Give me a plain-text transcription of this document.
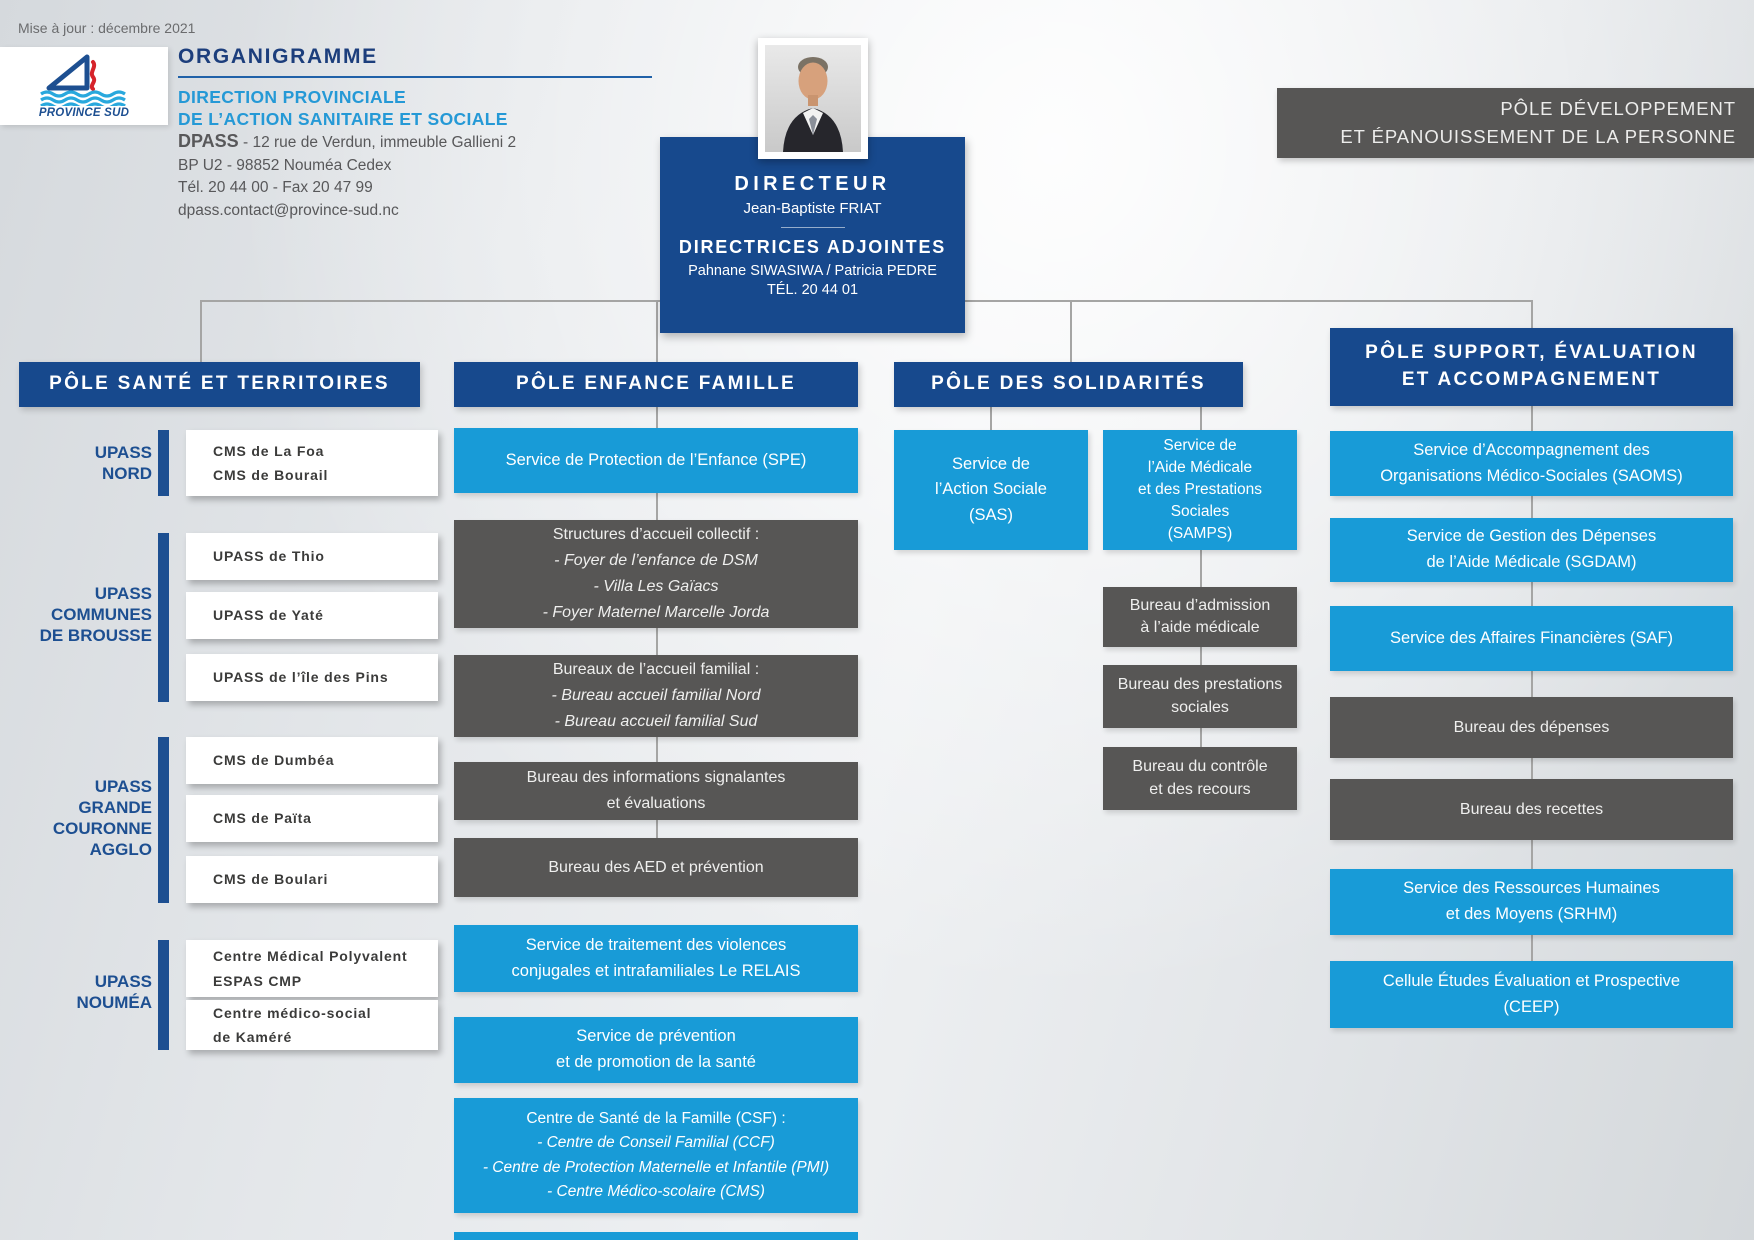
Mise à jour : décembre 2021
PROVINCE SUD
ORGANIGRAMME
DIRECTION PROVINCIALE
DE L’ACTION SANITAIRE ET SOCIALE
DPASS - 12 rue de Verdun, immeuble Gallieni 2
BP U2 - 98852 Nouméa Cedex
Tél. 20 44 00 - Fax 20 47 99
dpass.contact@province-sud.nc
PÔLE DÉVELOPPEMENT
ET ÉPANOUISSEMENT DE LA PERSONNE
DIRECTEUR
Jean-Baptiste FRIAT
DIRECTRICES ADJOINTES
Pahnane SIWASIWA / Patricia PEDRE
TÉL. 20 44 01
PÔLE SANTÉ ET TERRITOIRES	PÔLE ENFANCE FAMILLE	PÔLE DES SOLIDARITÉS
PÔLE SUPPORT, ÉVALUATION
ET ACCOMPAGNEMENT
UPASS
NORD
CMS de La Foa
CMS de Bourail
UPASS
COMMUNES
DE BROUSSE
UPASS de Thio
UPASS de Yaté
UPASS de l’île des Pins
UPASS
GRANDE
COURONNE
AGGLO
CMS de Dumbéa
CMS de Païta
CMS de Boulari
UPASS
NOUMÉA
Centre Médical Polyvalent
ESPAS CMP
Centre médico-social
de Kaméré
Service de Protection de l’Enfance (SPE)
Structures d’accueil collectif :
- Foyer de l’enfance de DSM
- Villa Les Gaïacs
- Foyer Maternel Marcelle Jorda
Bureaux de l’accueil familial :
- Bureau accueil familial Nord
- Bureau accueil familial Sud
Bureau des informations signalantes
et évaluations
Bureau des AED et prévention
Service de traitement des violences
conjugales et intrafamiliales Le RELAIS
Service de prévention
et de promotion de la santé
Centre de Santé de la Famille (CSF) :
- Centre de Conseil Familial (CCF)
- Centre de Protection Maternelle et Infantile (PMI)
- Centre Médico-scolaire (CMS)
Service de
l’Action Sociale
(SAS)
Service de
l’Aide Médicale
et des Prestations
Sociales
(SAMPS)
Bureau d’admission
à l’aide médicale
Bureau des prestations
sociales
Bureau du contrôle
et des recours
Service d’Accompagnement des
Organisations Médico-Sociales (SAOMS)
Service de Gestion des Dépenses
de l’Aide Médicale (SGDAM)
Service des Affaires Financières (SAF)
Bureau des dépenses
Bureau des recettes
Service des Ressources Humaines
et des Moyens (SRHM)
Cellule Études Évaluation et Prospective
(CEEP)
